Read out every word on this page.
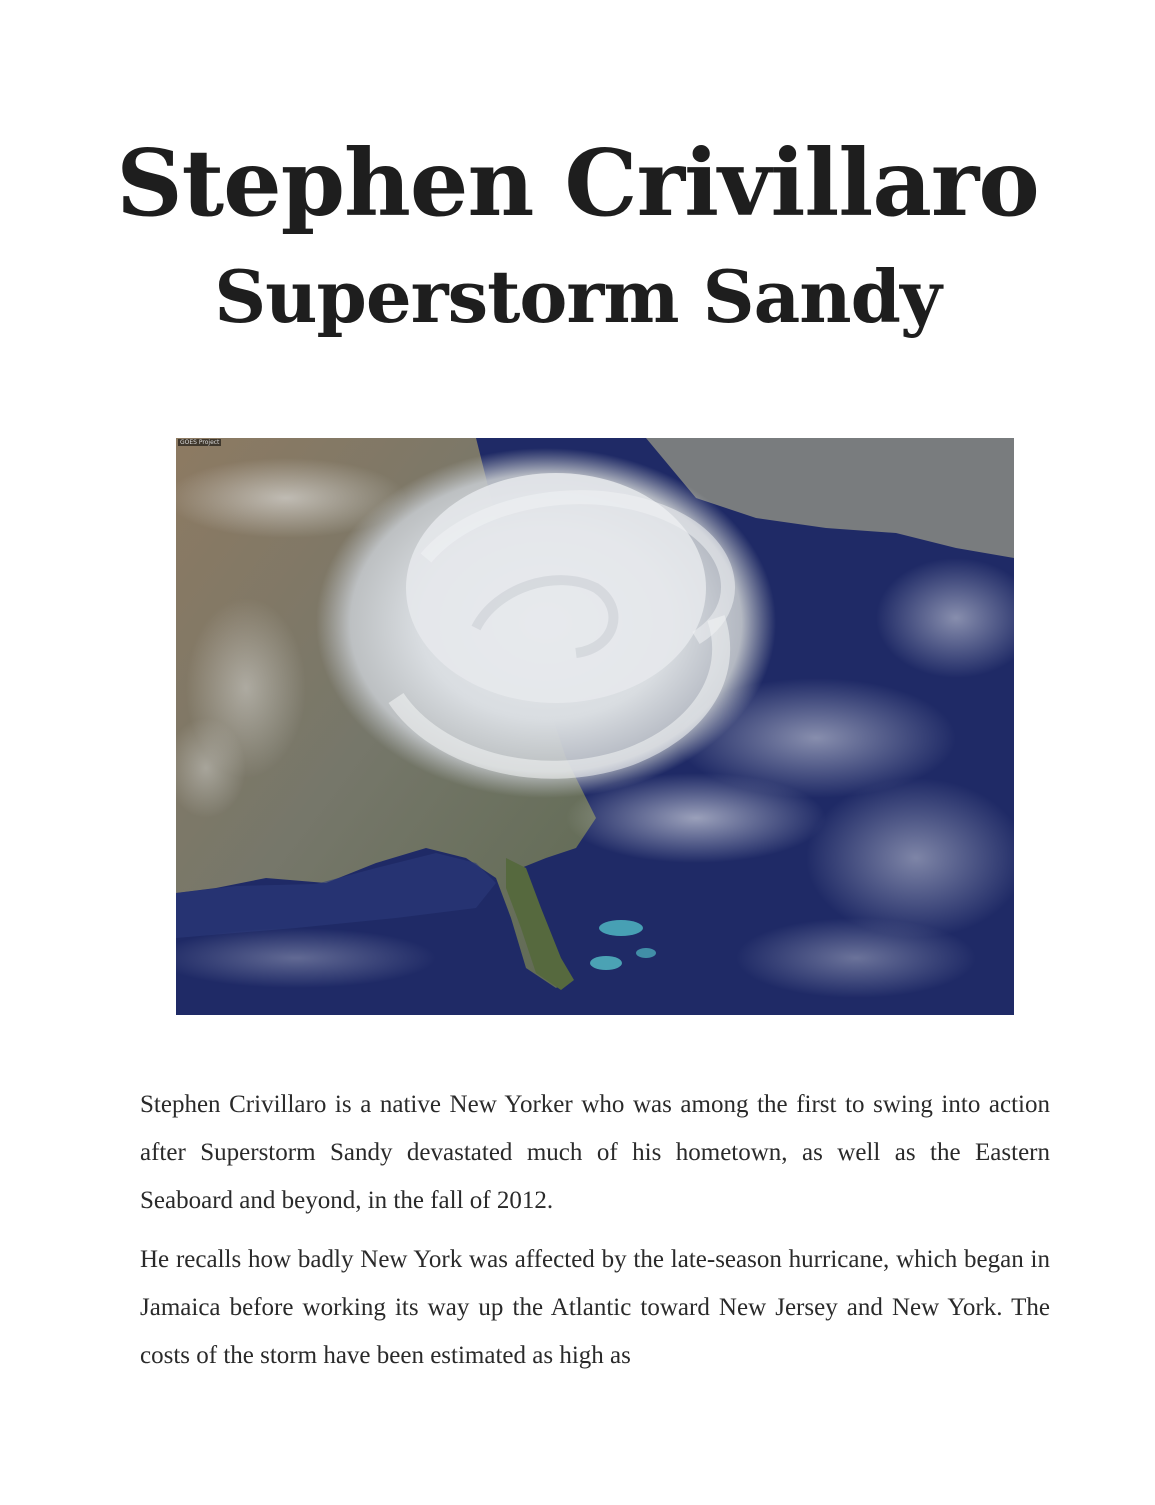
Stephen Crivillaro
Superstorm Sandy
GOES Project

Stephen Crivillaro is a native New Yorker who was among the first to swing into action after Superstorm Sandy devastated much of his hometown, as well as the Eastern Seaboard and beyond, in the fall of 2012.

He recalls how badly New York was affected by the late-season hurricane, which began in Jamaica before working its way up the Atlantic toward New Jersey and New York. The costs of the storm have been estimated as high as
